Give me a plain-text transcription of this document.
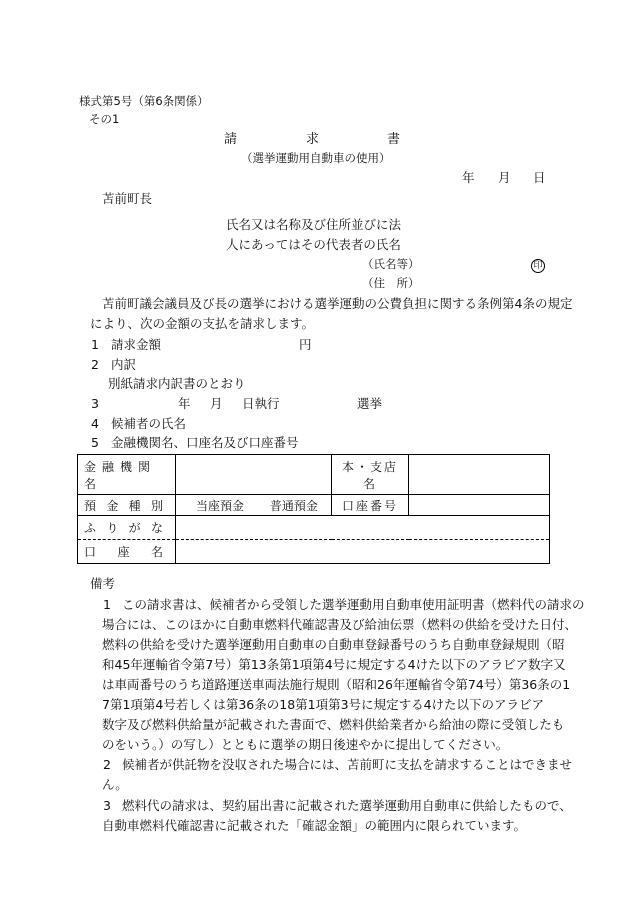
様式第5号（第6条関係）
その1
請	求	書
（選挙運動用自動車の使用）
年 月 日
苫前町長
氏名又は名称及び住所並びに法
人にあってはその代表者の氏名
（氏名等）	印
（住　所）
苫前町議会議員及び長の選挙における選挙運動の公費負担に関する条例第4条の規定
により、次の金額の支払を請求します。
1 請求金額	円
2 内訳
別紙請求内訳書のとおり
3	年 月 日執行	選挙
4 候補者の氏名
5 金融機関名、口座名及び口座番号
金融機関名		本・支店名	

預 金 種 別	当座預金 普通預金	口座番号	

ふ り が な			

口 座 名			

備考
1 この請求書は、候補者から受領した選挙運動用自動車使用証明書（燃料代の請求の
場合には、このほかに自動車燃料代確認書及び給油伝票（燃料の供給を受けた日付、
燃料の供給を受けた選挙運動用自動車の自動車登録番号のうち自動車登録規則（昭
和45年運輸省令第7号）第13条第1項第4号に規定する4けた以下のアラビア数字又
は車両番号のうち道路運送車両法施行規則（昭和26年運輸省令第74号）第36条の1
7第1項第4号若しくは第36条の18第1項第3号に規定する4けた以下のアラビア
数字及び燃料供給量が記載された書面で、燃料供給業者から給油の際に受領したも
のをいう。）の写し）とともに選挙の期日後速やかに提出してください。
2 候補者が供託物を没収された場合には、苫前町に支払を請求することはできませ
ん。
3 燃料代の請求は、契約届出書に記載された選挙運動用自動車に供給したもので、
自動車燃料代確認書に記載された「確認金額」の範囲内に限られています。
